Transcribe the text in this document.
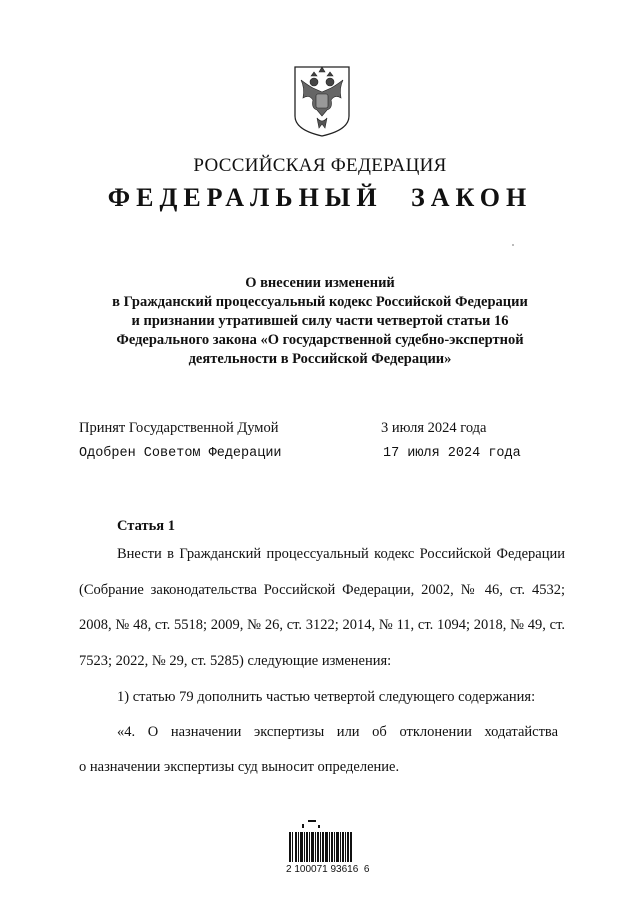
РОССИЙСКАЯ ФЕДЕРАЦИЯ
ФЕДЕРАЛЬНЫЙ ЗАКОН
О внесении изменений
в Гражданский процессуальный кодекс Российской Федерации
и признании утратившей силу части четвертой статьи 16
Федерального закона «О государственной судебно-экспертной
деятельности в Российской Федерации»
Принят Государственной Думой	3 июля 2024 года
Одобрен Советом Федерации	17 июля 2024 года
Статья 1
Внести в Гражданский процессуальный кодекс Российской Федерации (Собрание законодательства Российской Федерации, 2002, № 46, ст. 4532; 2008, № 48, ст. 5518; 2009, № 26, ст. 3122; 2014, № 11, ст. 1094; 2018, № 49, ст. 7523; 2022, № 29, ст. 5285) следующие изменения:
1) статью 79 дополнить частью четвертой следующего содержания:
«4. О назначении экспертизы или об отклонении ходатайства
о назначении экспертизы суд выносит определение.
2 100071 93616  6
